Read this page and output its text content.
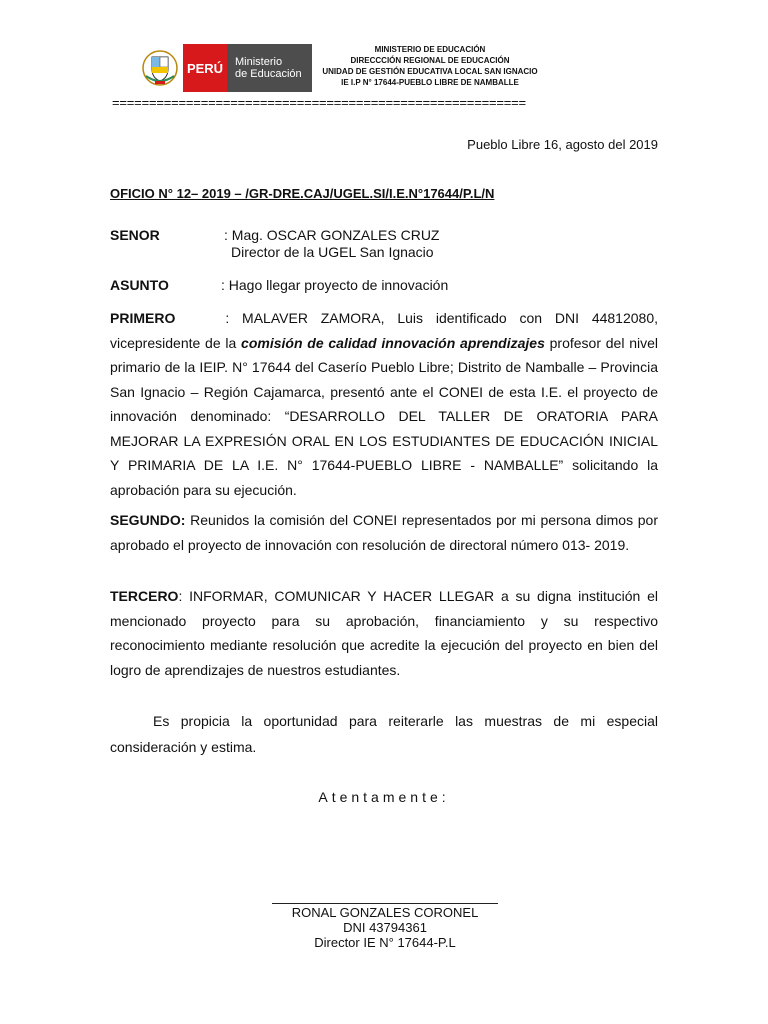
PERÚ	Ministerio
de Educación
MINISTERIO DE EDUCACIÓN
DIRECCCIÓN REGIONAL DE EDUCACIÓN
UNIDAD DE GESTIÓN EDUCATIVA LOCAL SAN IGNACIO
IE I.P N° 17644-PUEBLO LIBRE DE NAMBALLE
========================================================
Pueblo Libre 16, agosto del 2019
OFICIO N° 12– 2019 – /GR-DRE.CAJ/UGEL.SI/I.E.N°17644/P.L/N
SENOR	: Mag. OSCAR GONZALES CRUZ
Director de la UGEL San Ignacio
ASUNTO	: Hago llegar proyecto de innovación

PRIMERO	: MALAVER ZAMORA, Luis identificado con DNI 44812080, vicepresidente de la comisión de calidad innovación aprendizajes profesor del nivel primario de la IEIP. N° 17644 del Caserío Pueblo Libre; Distrito de Namballe – Provincia San Ignacio – Región Cajamarca, presentó ante el CONEI de esta I.E. el proyecto de innovación denominado: “DESARROLLO DEL TALLER DE ORATORIA PARA MEJORAR LA EXPRESIÓN ORAL EN LOS ESTUDIANTES DE EDUCACIÓN INICIAL Y PRIMARIA DE LA I.E. N° 17644-PUEBLO LIBRE - NAMBALLE” solicitando la aprobación para su ejecución.

SEGUNDO: Reunidos la comisión del CONEI representados por mi persona dimos por aprobado el proyecto de innovación con resolución de directoral número 013- 2019.

TERCERO: INFORMAR, COMUNICAR Y HACER LLEGAR a su digna institución el mencionado proyecto para su aprobación, financiamiento y su respectivo reconocimiento mediante resolución que acredite la ejecución del proyecto en bien del logro de aprendizajes de nuestros estudiantes.

Es propicia la oportunidad para reiterarle las muestras de mi especial consideración y estima.

Atentamente:
RONAL GONZALES CORONEL
DNI 43794361
Director IE N° 17644-P.L
